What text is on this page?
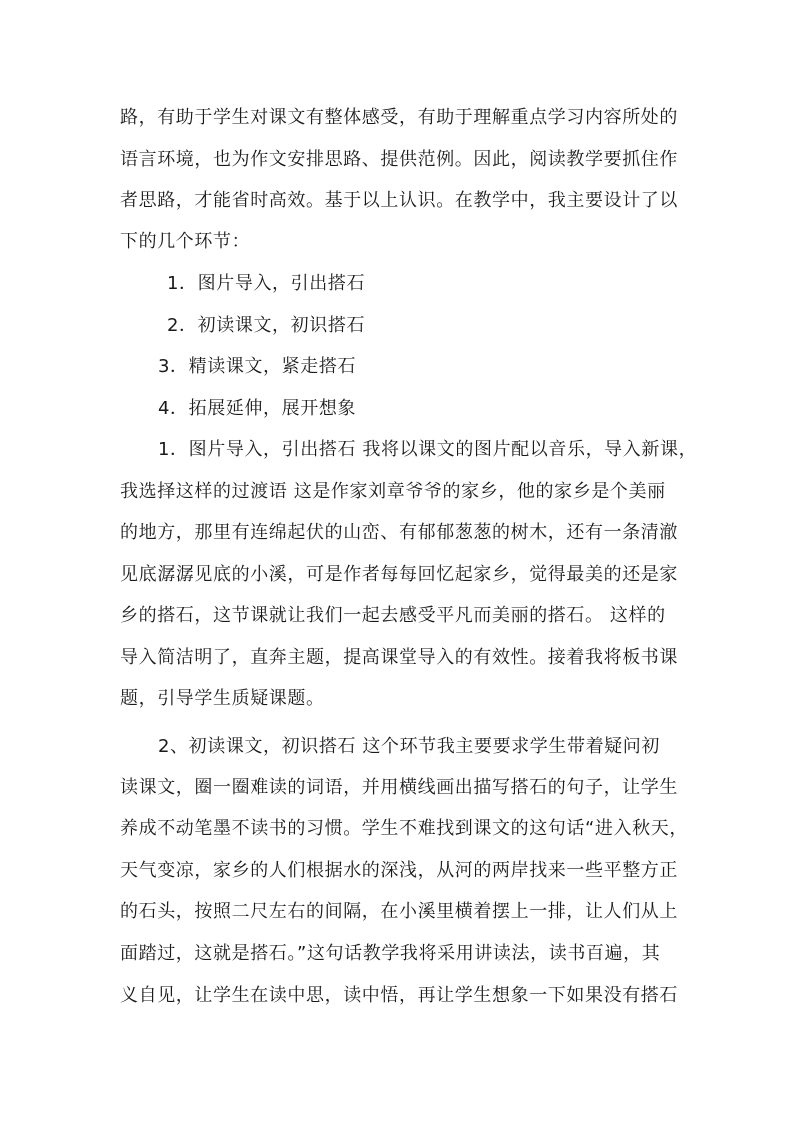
路，有助于学生对课文有整体感受，有助于理解重点学习内容所处的
语言环境，也为作文安排思路、提供范例。因此，阅读教学要抓住作
者思路，才能省时高效。基于以上认识。在教学中，我主要设计了以
下的几个环节：
1．图片导入，引出搭石
2．初读课文，初识搭石
3．精读课文，紧走搭石
4．拓展延伸，展开想象
1．图片导入，引出搭石 我将以课文的图片配以音乐，导入新课，
我选择这样的过渡语 这是作家刘章爷爷的家乡，他的家乡是个美丽
的地方，那里有连绵起伏的山峦、有郁郁葱葱的树木，还有一条清澈
见底潺潺见底的小溪，可是作者每每回忆起家乡，觉得最美的还是家
乡的搭石，这节课就让我们一起去感受平凡而美丽的搭石。 这样的
导入简洁明了，直奔主题，提高课堂导入的有效性。接着我将板书课
题，引导学生质疑课题。
2、初读课文，初识搭石 这个环节我主要要求学生带着疑问初
读课文，圈一圈难读的词语，并用横线画出描写搭石的句子，让学生
养成不动笔墨不读书的习惯。学生不难找到课文的这句话“进入秋天，
天气变凉，家乡的人们根据水的深浅，从河的两岸找来一些平整方正
的石头，按照二尺左右的间隔，在小溪里横着摆上一排，让人们从上
面踏过，这就是搭石。”这句话教学我将采用讲读法，读书百遍，其
义自见，让学生在读中思，读中悟，再让学生想象一下如果没有搭石
